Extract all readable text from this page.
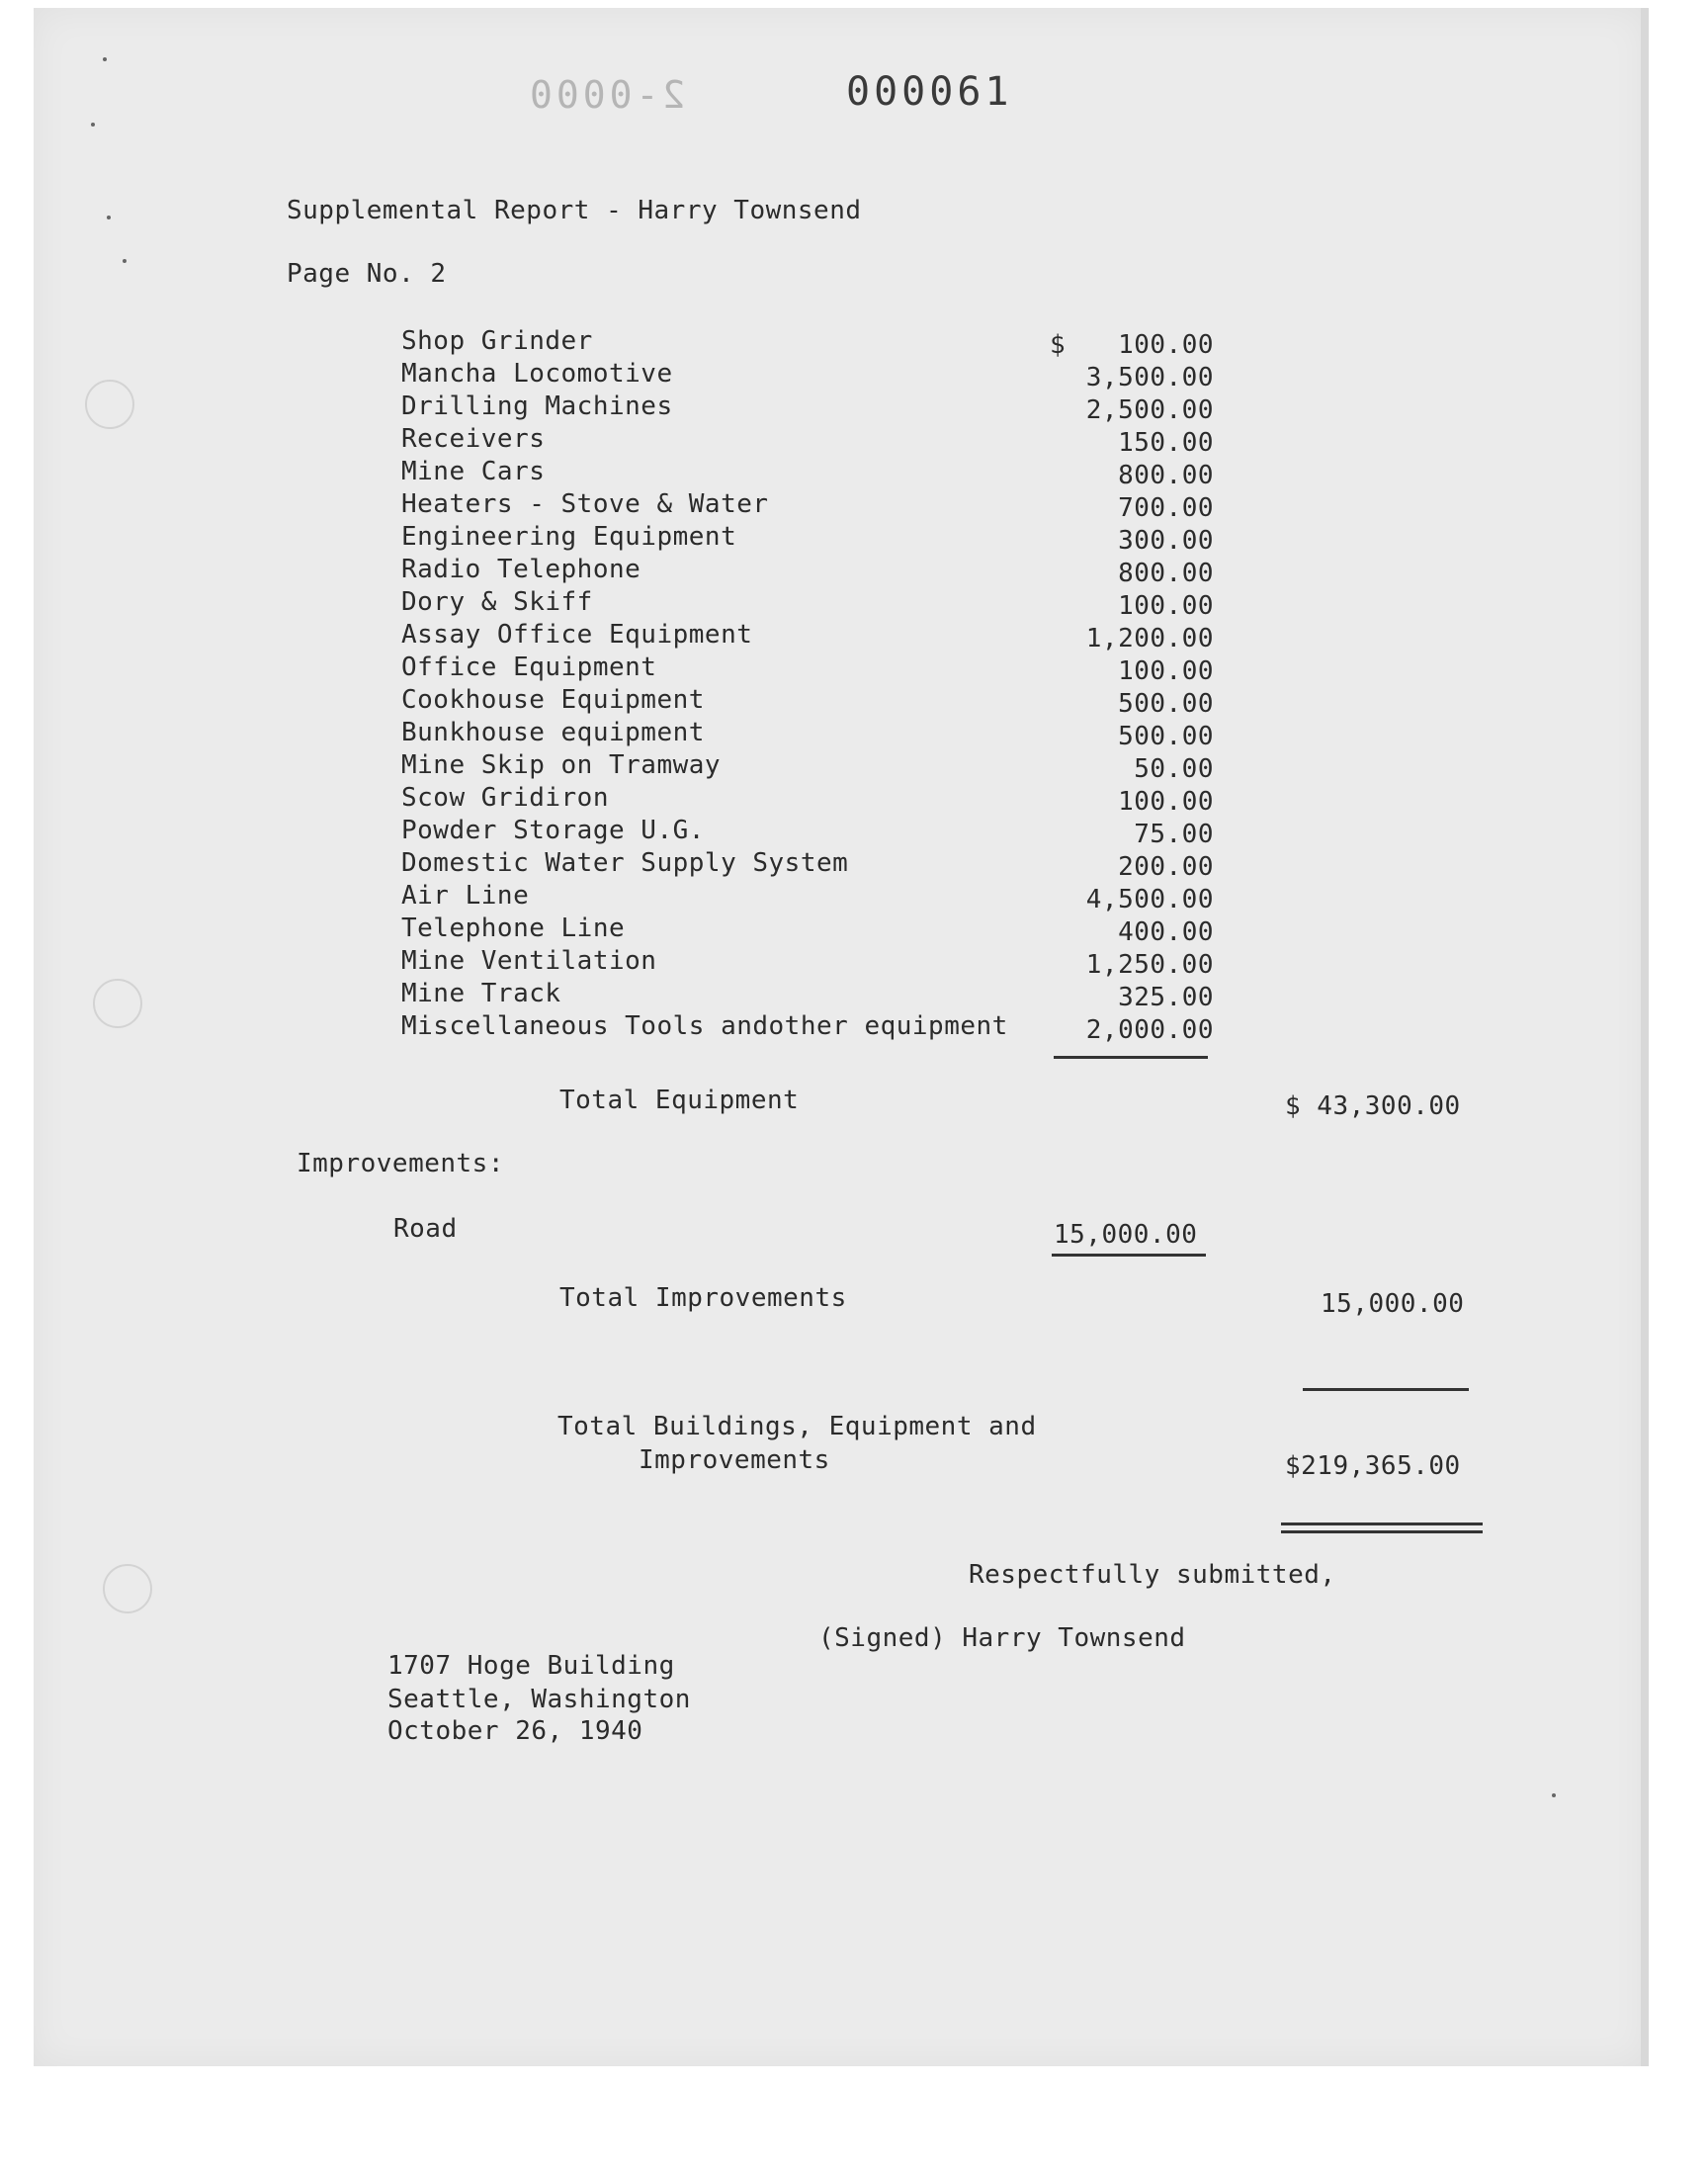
2-0000	000061
Supplemental Report - Harry Townsend
Page No. 2
$
Shop Grinder	100.00
Mancha Locomotive	3,500.00
Drilling Machines	2,500.00
Receivers	150.00
Mine Cars	800.00
Heaters - Stove & Water	700.00
Engineering Equipment	300.00
Radio Telephone	800.00
Dory & Skiff	100.00
Assay Office Equipment	1,200.00
Office Equipment	100.00
Cookhouse Equipment	500.00
Bunkhouse equipment	500.00
Mine Skip on Tramway	50.00
Scow Gridiron	100.00
Powder Storage U.G.	75.00
Domestic Water Supply System	200.00
Air Line	4,500.00
Telephone Line	400.00
Mine Ventilation	1,250.00
Mine Track	325.00
Miscellaneous Tools andother equipment	2,000.00
Total Equipment	$ 43,300.00
Improvements:
Road	15,000.00
Total Improvements	15,000.00
Total Buildings, Equipment and
Improvements	$219,365.00
Respectfully submitted,
(Signed) Harry Townsend
1707 Hoge Building
Seattle, Washington
October 26, 1940
